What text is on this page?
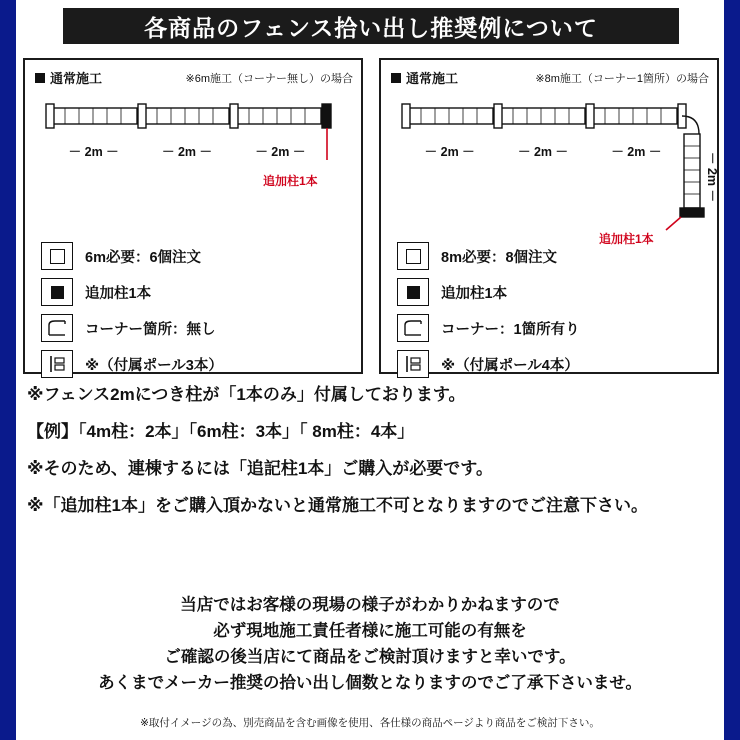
各商品のフェンス拾い出し推奨例について
通常施工	※6m施工（コーナー無し）の場合
－ 2m －	－ 2m －	－ 2m －
追加柱1本
6m必要：6個注文
追加柱1本
コーナー箇所：無し
※（付属ポール3本）
通常施工	※8m施工（コーナー1箇所）の場合
－ 2m －	－ 2m －	－ 2m －	－ 2m －
追加柱1本
8m必要：8個注文
追加柱1本
コーナー：1箇所有り
※（付属ポール4本）
※フェンス2mにつき柱が「1本のみ」付属しております。
【例】「4m柱：2本」「6m柱：3本」「 8m柱：4本」
※そのため、連棟するには「追記柱1本」ご購入が必要です。
※「追加柱1本」をご購入頂かないと通常施工不可となりますのでご注意下さい。
当店ではお客様の現場の様子がわかりかねますので
必ず現地施工責任者様に施工可能の有無を
ご確認の後当店にて商品をご検討頂けますと幸いです。
あくまでメーカー推奨の拾い出し個数となりますのでご了承下さいませ。
※取付イメージの為、別売商品を含む画像を使用、各仕様の商品ページより商品をご検討下さい。
